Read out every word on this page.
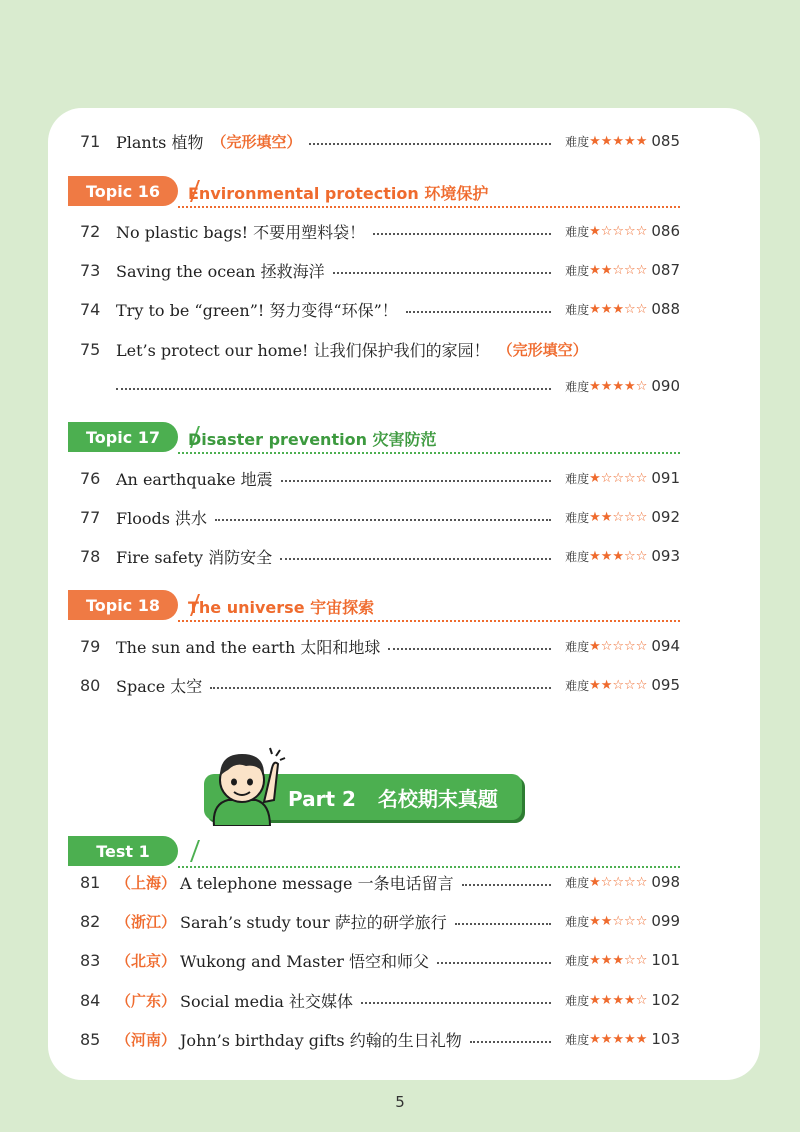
71 Plants 植物 （完形填空）	难度 ★★★★★ 085
Topic 16	Environmental protection 环境保护
72 No plastic bags! 不要用塑料袋！	难度 ★☆☆☆☆ 086
73 Saving the ocean 拯救海洋	难度 ★★☆☆☆ 087
74 Try to be “green”! 努力变得“环保”！	难度 ★★★☆☆ 088
75 Let’s protect our home! 让我们保护我们的家园！ （完形填空）
难度 ★★★★☆ 090
Topic 17	Disaster prevention 灾害防范
76 An earthquake 地震	难度 ★☆☆☆☆ 091
77 Floods 洪水	难度 ★★☆☆☆ 092
78 Fire safety 消防安全	难度 ★★★☆☆ 093
Topic 18	The universe 宇宙探索
79 The sun and the earth 太阳和地球	难度 ★☆☆☆☆ 094
80 Space 太空	难度 ★★☆☆☆ 095
Part 2 名校期末真题
Test 1
81	（上海） A telephone message 一条电话留言	难度 ★☆☆☆☆ 098
82	（浙江） Sarah’s study tour 萨拉的研学旅行	难度 ★★☆☆☆ 099
83	（北京） Wukong and Master 悟空和师父	难度 ★★★☆☆ 101
84	（广东） Social media 社交媒体	难度 ★★★★☆ 102
85	（河南） John’s birthday gifts 约翰的生日礼物	难度 ★★★★★ 103
5
